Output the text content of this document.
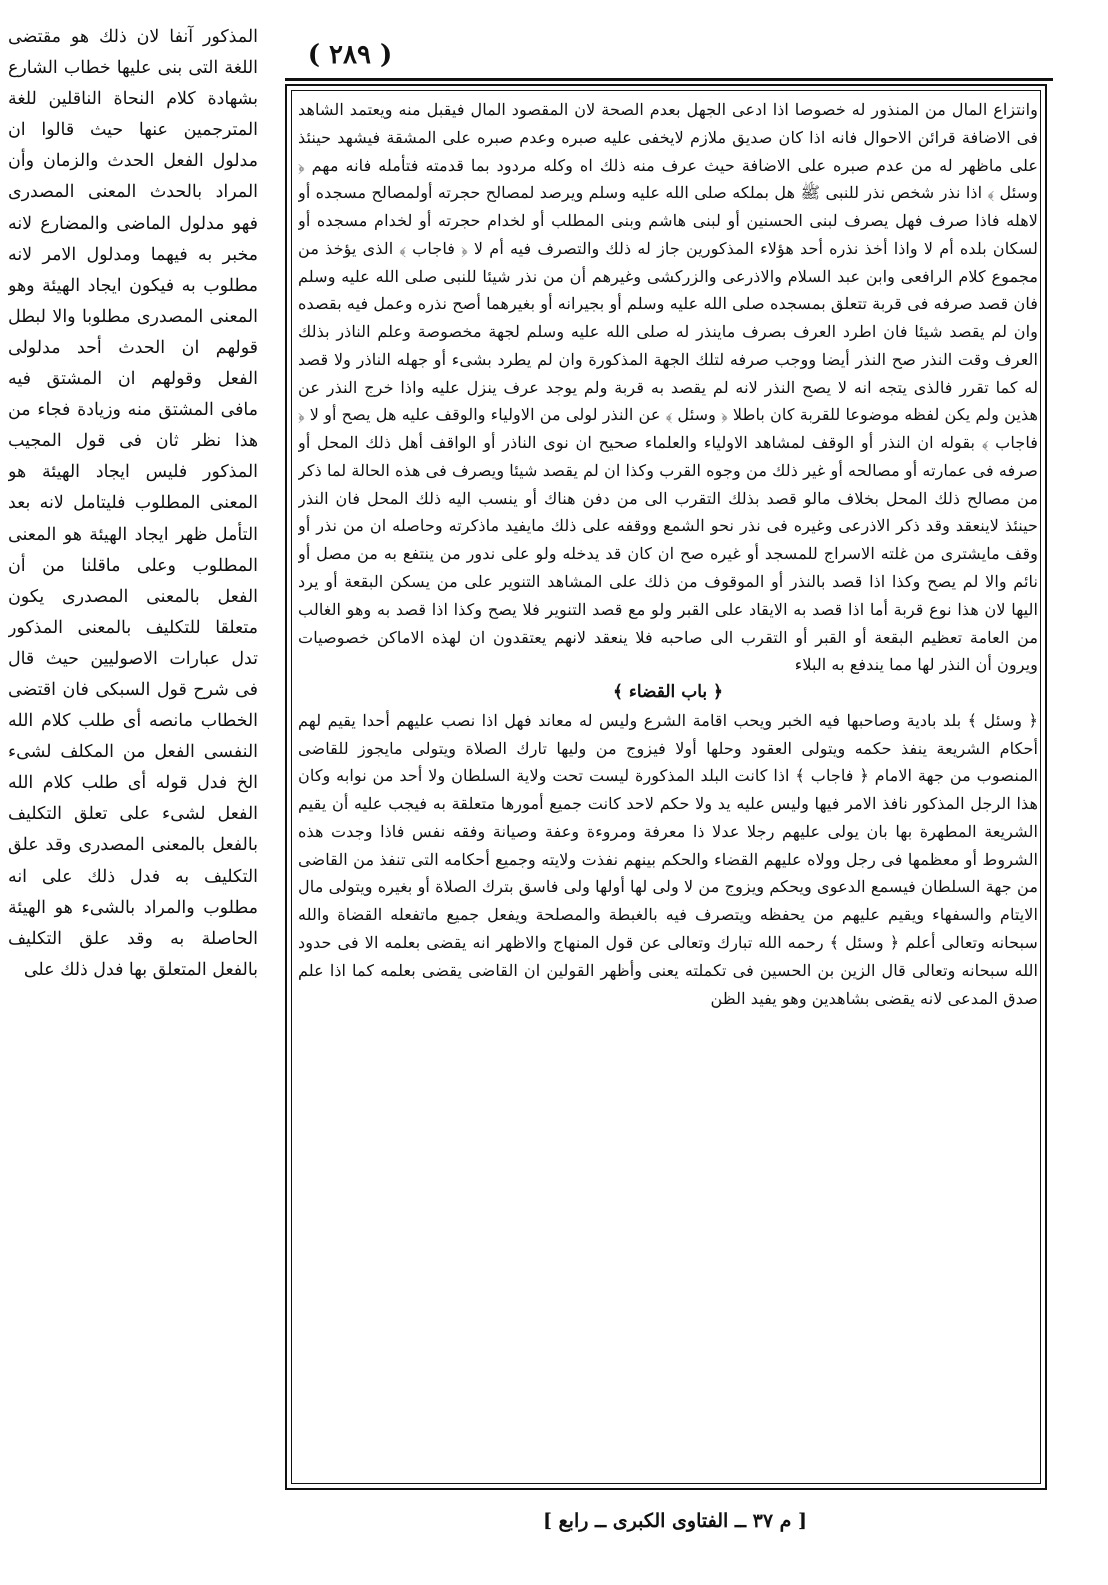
( ٢٨٩ )

وانتزاع المال من المنذور له خصوصا اذا ادعى الجهل بعدم الصحة لان المقصود المال فيقبل منه ويعتمد الشاهد فى الاضافة قرائن الاحوال فانه اذا كان صديق ملازم لايخفى عليه صبره وعدم صبره على المشقة فيشهد حينئذ على ماظهر له من عدم صبره على الاضافة حيث عرف منه ذلك اه وكله مردود بما قدمته فتأمله فانه مهم ﴿ وسئل ﴾ اذا نذر شخص نذر للنبى ﷺ هل بملكه صلى الله عليه وسلم ويرصد لمصالح حجرته أولمصالح مسجده أو لاهله فاذا صرف فهل يصرف لبنى الحسنين أو لبنى هاشم وبنى المطلب أو لخدام حجرته أو لخدام مسجده أو لسكان بلده أم لا واذا أخذ نذره أحد هؤلاء المذكورين جاز له ذلك والتصرف فيه أم لا ﴿ فاجاب ﴾ الذى يؤخذ من مجموع كلام الرافعى وابن عبد السلام والاذرعى والزركشى وغيرهم أن من نذر شيئا للنبى صلى الله عليه وسلم فان قصد صرفه فى قربة تتعلق بمسجده صلى الله عليه وسلم أو بجيرانه أو بغيرهما أصح نذره وعمل فيه بقصده وان لم يقصد شيئا فان اطرد العرف بصرف ماينذر له صلى الله عليه وسلم لجهة مخصوصة وعلم الناذر بذلك العرف وقت النذر صح النذر أيضا ووجب صرفه لتلك الجهة المذكورة وان لم يطرد بشىء أو جهله الناذر ولا قصد له كما تقرر فالذى يتجه انه لا يصح النذر لانه لم يقصد به قربة ولم يوجد عرف ينزل عليه واذا خرج النذر عن هذين ولم يكن لفظه موضوعا للقربة كان باطلا ﴿ وسئل ﴾ عن النذر لولى من الاولياء والوقف عليه هل يصح أو لا ﴿ فاجاب ﴾ بقوله ان النذر أو الوقف لمشاهد الاولياء والعلماء صحيح ان نوى الناذر أو الواقف أهل ذلك المحل أو صرفه فى عمارته أو مصالحه أو غير ذلك من وجوه القرب وكذا ان لم يقصد شيئا ويصرف فى هذه الحالة لما ذكر من مصالح ذلك المحل بخلاف مالو قصد بذلك التقرب الى من دفن هناك أو ينسب اليه ذلك المحل فان النذر حينئذ لاينعقد وقد ذكر الاذرعى وغيره فى نذر نحو الشمع ووقفه على ذلك مايفيد ماذكرته وحاصله ان من نذر أو وقف مايشترى من غلته الاسراج للمسجد أو غيره صح ان كان قد يدخله ولو على ندور من ينتفع به من مصل أو نائم والا لم يصح وكذا اذا قصد بالنذر أو الموقوف من ذلك على المشاهد التنوير على من يسكن البقعة أو يرد اليها لان هذا نوع قربة أما اذا قصد به الايقاد على القبر ولو مع قصد التنوير فلا يصح وكذا اذا قصد به وهو الغالب من العامة تعظيم البقعة أو القبر أو التقرب الى صاحبه فلا ينعقد لانهم يعتقدون ان لهذه الاماكن خصوصيات ويرون أن النذر لها مما يندفع به البلاء

﴿ باب القضاء ﴾

﴿ وسئل ﴾ بلد بادية وصاحبها فيه الخبر ويحب اقامة الشرع وليس له معاند فهل اذا نصب عليهم أحدا يقيم لهم أحكام الشريعة ينفذ حكمه ويتولى العقود وحلها أولا فيزوج من وليها تارك الصلاة ويتولى مايجوز للقاضى المنصوب من جهة الامام ﴿ فاجاب ﴾ اذا كانت البلد المذكورة ليست تحت ولاية السلطان ولا أحد من نوابه وكان هذا الرجل المذكور نافذ الامر فيها وليس عليه يد ولا حكم لاحد كانت جميع أمورها متعلقة به فيجب عليه أن يقيم الشريعة المطهرة بها بان يولى عليهم رجلا عدلا ذا معرفة ومروءة وعفة وصيانة وفقه نفس فاذا وجدت هذه الشروط أو معظمها فى رجل وولاه عليهم القضاء والحكم بينهم نفذت ولايته وجميع أحكامه التى تنفذ من القاضى من جهة السلطان فيسمع الدعوى ويحكم ويزوج من لا ولى لها أولها ولى فاسق بترك الصلاة أو بغيره ويتولى مال الايتام والسفهاء ويقيم عليهم من يحفظه ويتصرف فيه بالغبطة والمصلحة ويفعل جميع ماتفعله القضاة والله سبحانه وتعالى أعلم ﴿ وسئل ﴾ رحمه الله تبارك وتعالى عن قول المنهاج والاظهر انه يقضى بعلمه الا فى حدود الله سبحانه وتعالى قال الزين بن الحسين فى تكملته يعنى وأظهر القولين ان القاضى يقضى بعلمه كما اذا علم صدق المدعى لانه يقضى بشاهدين وهو يفيد الظن

المذكور آنفا لان ذلك هو مقتضى اللغة التى بنى عليها خطاب الشارع بشهادة كلام النحاة الناقلين للغة المترجمين عنها حيث قالوا ان مدلول الفعل الحدث والزمان وأن المراد بالحدث المعنى المصدرى فهو مدلول الماضى والمضارع لانه مخبر به فيهما ومدلول الامر لانه مطلوب به فيكون ايجاد الهيئة وهو المعنى المصدرى مطلوبا والا لبطل قولهم ان الحدث أحد مدلولى الفعل وقولهم ان المشتق فيه مافى المشتق منه وزيادة فجاء من هذا نظر ثان فى قول المجيب المذكور فليس ايجاد الهيئة هو المعنى المطلوب فليتامل لانه بعد التأمل ظهر ايجاد الهيئة هو المعنى المطلوب وعلى ماقلنا من أن الفعل بالمعنى المصدرى يكون متعلقا للتكليف بالمعنى المذكور تدل عبارات الاصوليين حيث قال فى شرح قول السبكى فان اقتضى الخطاب مانصه أى طلب كلام الله النفسى الفعل من المكلف لشىء الخ فدل قوله أى طلب كلام الله الفعل لشىء على تعلق التكليف بالفعل بالمعنى المصدرى وقد علق التكليف به فدل ذلك على انه مطلوب والمراد بالشىء هو الهيئة الحاصلة به وقد علق التكليف بالفعل المتعلق بها فدل ذلك على

[ م ٣٧ ــ الفتاوى الكبرى ــ رابع ]
